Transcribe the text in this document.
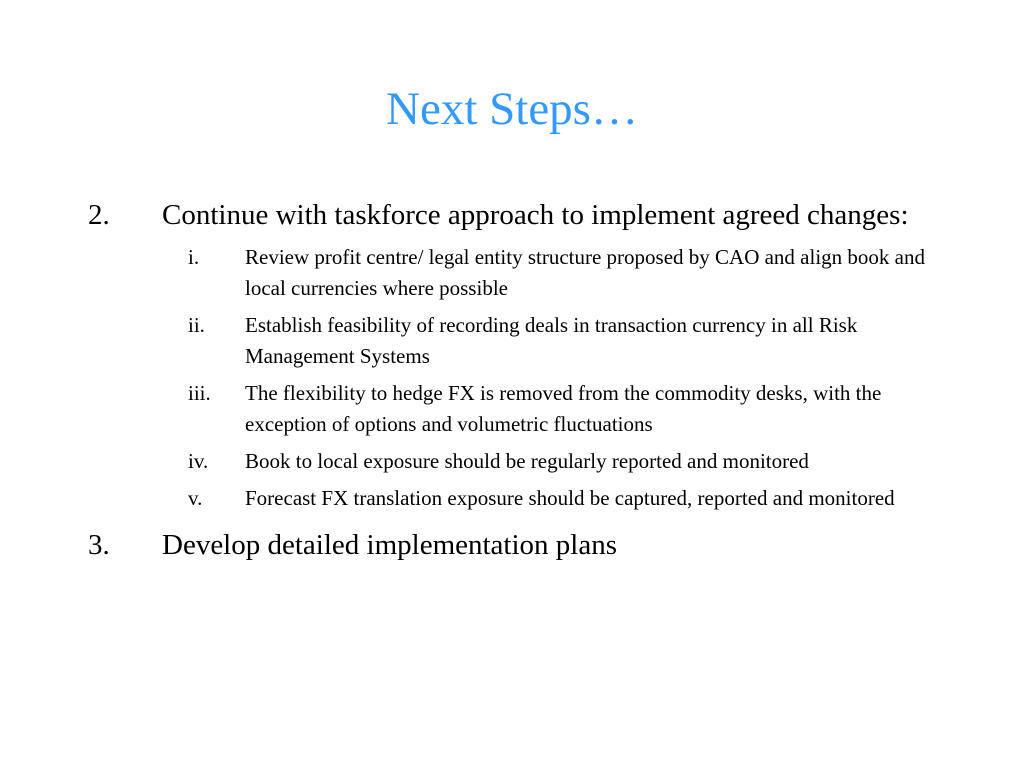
Next Steps…
2.	Continue with taskforce approach to implement agreed changes:
i.	Review profit centre/ legal entity structure proposed by CAO and align book and local currencies where possible
ii.	Establish feasibility of recording deals in transaction currency in all Risk Management Systems
iii.	The flexibility to hedge FX is removed from the commodity desks, with the exception of options and volumetric fluctuations
iv.	Book to local exposure should be regularly reported and monitored
v.	Forecast FX translation exposure should be captured, reported and monitored
3.	Develop detailed implementation plans
